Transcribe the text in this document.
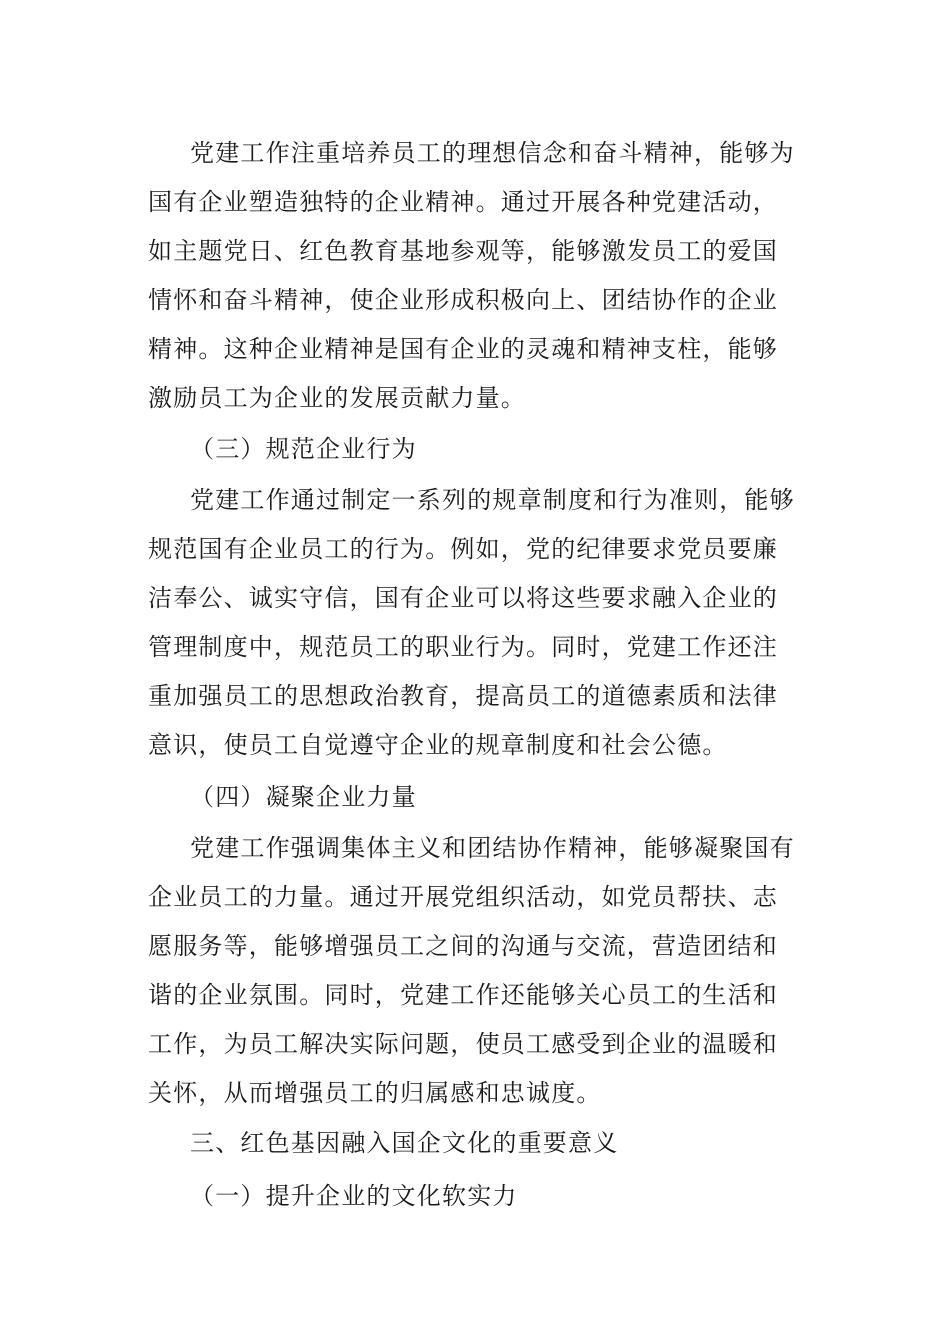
党建工作注重培养员工的理想信念和奋斗精神，能够为
国有企业塑造独特的企业精神。通过开展各种党建活动，
如主题党日、红色教育基地参观等，能够激发员工的爱国
情怀和奋斗精神，使企业形成积极向上、团结协作的企业
精神。这种企业精神是国有企业的灵魂和精神支柱，能够
激励员工为企业的发展贡献力量。
（三）规范企业行为
党建工作通过制定一系列的规章制度和行为准则，能够
规范国有企业员工的行为。例如，党的纪律要求党员要廉
洁奉公、诚实守信，国有企业可以将这些要求融入企业的
管理制度中，规范员工的职业行为。同时，党建工作还注
重加强员工的思想政治教育，提高员工的道德素质和法律
意识，使员工自觉遵守企业的规章制度和社会公德。
（四）凝聚企业力量
党建工作强调集体主义和团结协作精神，能够凝聚国有
企业员工的力量。通过开展党组织活动，如党员帮扶、志
愿服务等，能够增强员工之间的沟通与交流，营造团结和
谐的企业氛围。同时，党建工作还能够关心员工的生活和
工作，为员工解决实际问题，使员工感受到企业的温暖和
关怀，从而增强员工的归属感和忠诚度。
三、红色基因融入国企文化的重要意义
（一）提升企业的文化软实力
